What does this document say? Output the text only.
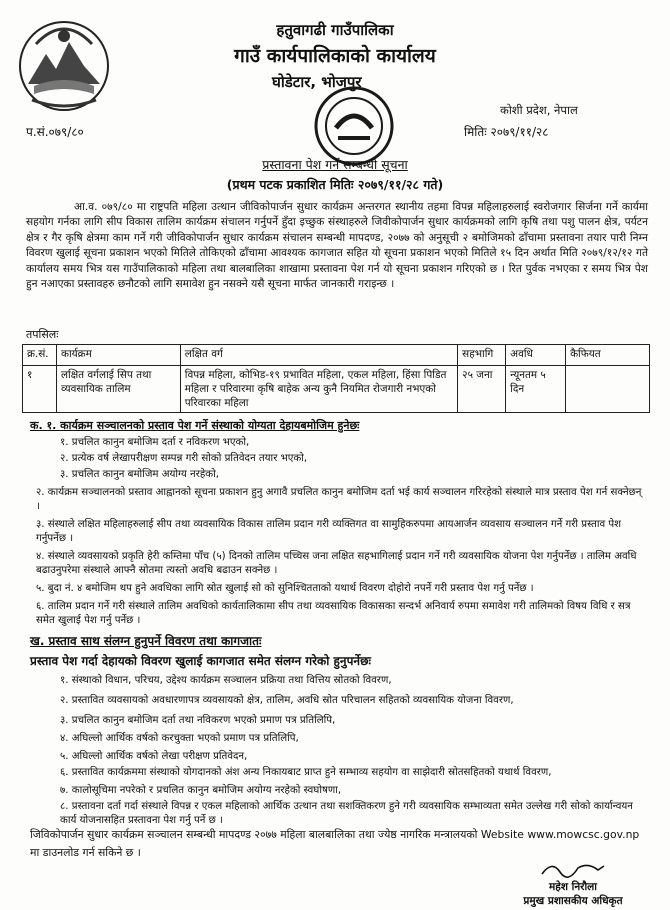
हतुवागढी गाउँपालिका
गाउँ कार्यपालिकाको कार्यालय
घोडेटार, भोजपुर
कोशी प्रदेश, नेपाल
मितिः २०७९/११/२८
प.सं.०७९/८०
प्रस्तावना पेश गर्ने सम्बन्धी सूचना
(प्रथम पटक प्रकाशित मितिः २०७९/११/२८ गते)
आ.व. ०७९/८० मा राष्ट्रपति महिला उत्थान जीविकोपार्जन सुधार कार्यक्रम अन्तरगत स्थानीय तहमा विपन्न महिलाहरुलाई स्वरोजगार सिर्जना गर्ने कार्यमा सहयोग गर्नका लागि सीप विकास तालिम कार्यक्रम संचालन गर्नुपर्ने हुँदा इच्छुक संस्थाहरुले जिवीकोपार्जन सुधार कार्यक्रमको लागि कृषि तथा पशु पालन क्षेत्र, पर्यटन क्षेत्र र गैर कृषि क्षेत्रमा काम गर्ने गरी जीविकोपार्जन सुधार कार्यक्रम संचालन सम्बन्धी मापदण्ड, २०७७ को अनुसूची २ बमोजिमको ढाँचामा प्रस्तावना तयार पारी निम्न विवरण खुलाई सूचना प्रकाशन भएको मितिले तोकिएको ढाँचामा आवश्यक कागजात सहित यो सूचना प्रकाशन भएको मितिले १५ दिन अर्थात मिति २०७९/१२/१२ गते कार्यालय समय भित्र यस गाउँपालिकाको महिला तथा बालबालिका शाखामा प्रस्तावना पेश गर्न यो सूचना प्रकाशन गरिएको छ । रित पुर्वक नभएका र समय भित्र पेश हुन नआएका प्रस्तावहरु छनौटको लागि समावेश हुन नसक्ने यसै सूचना मार्फत जानकारी गराइन्छ ।
तपसिलः
क्र.सं.	कार्यक्रम	लक्षित वर्ग	सहभागि	अवधि	कैफियत
१	लक्षित वर्गलाई सिप तथा व्यवसायिक तालिम	विपन्न महिला, कोभिड-१९ प्रभावित महिला, एकल महिला, हिंसा पिडित महिला र परिवारमा कृषि बाहेक अन्य कुनै नियमित रोजगारी नभएको परिवारका महिला	२५ जना	न्यूनतम ५ दिन	
क. १. कार्यक्रम सञ्चालनको प्रस्ताव पेश गर्ने संस्थाको योग्यता देहायबमोजिम हुनेछः
१. प्रचलित कानुन बमोजिम दर्ता र नविकरण भएको,
२. प्रत्येक वर्ष लेखापरीक्षण सम्पन्न गरी सोको प्रतिवेदन तयार भएको,
३. प्रचलित कानुन बमोजिम अयोग्य नरहेको,
२. कार्यक्रम सञ्चालनको प्रस्ताव आह्वानको सूचना प्रकाशन हुनु अगावै प्रचलित कानुन बमोजिम दर्ता भई कार्य सञ्चालन गरिरहेको संस्थाले मात्र प्रस्ताव पेश गर्न सक्नेछन् ।
३. संस्थाले लक्षित महिलाहरुलाई सीप तथा व्यवसायिक विकास तालिम प्रदान गरी व्यक्तिगत वा सामुहिकरुपमा आयआर्जन व्यवसाय सञ्चालन गर्ने गरी प्रस्ताव पेश गर्नुपर्नेछ ।
४. संस्थाले व्यवसायको प्रकृति हेरी कम्तिमा पाँच (५) दिनको तालिम पच्चिस जना लक्षित सहभागिलाई प्रदान गर्ने गरी व्यवसायिक योजना पेश गर्नुपर्नेछ । तालिम अवधि बढाउनुपरेमा संस्थाले आफ्नै स्रोतमा त्यस्तो अवधि बढाउन सक्नेछ ।
५. बुदा नं. ४ बमोजिम थप हुने अवधिका लागि स्रोत खुलाई सो को सुनिश्चितताको यथार्थ विवरण दोहोरो नपर्ने गरी प्रस्ताव पेश गर्नु पर्नेछ ।
६. तालिम प्रदान गर्ने गरी संस्थाले तालिम अवधिको कार्यतालिकामा सीप तथा व्यवसायिक विकासका सन्दर्भ अनिवार्य रुपमा समावेश गरी तालिमको विषय विधि र सत्र समेत खुलाई पेश गर्नु पर्नेछ ।
ख. प्रस्ताव साथ संलग्न हुनुपर्ने विवरण तथा कागजातः
प्रस्ताव पेश गर्दा देहायको विवरण खुलाई कागजात समेत संलग्न गरेको हुनुपर्नेछः
१. संस्थाको विधान, परिचय, उद्देश्य कार्यक्रम सञ्चालन प्रक्रिया तथा वित्तिय स्रोतको विवरण,
२. प्रस्तावित व्यवसायको अवधारणापत्र व्यवसायको क्षेत्र, तालिम, अवधि स्रोत परिचालन सहितको व्यवसायिक योजना विवरण,
३. प्रचलित कानुन बमोजिम दर्ता तथा नविकरण भएको प्रमाण पत्र प्रतिलिपि,
४. अघिल्लो आर्थिक वर्षको करचुक्ता भएको प्रमाण पत्र प्रतिलिपि,
५. अघिल्लो आर्थिक वर्षको लेखा परीक्षण प्रतिवेदन,
६. प्रस्तावित कार्यक्रममा संस्थाको योगदानको अंश अन्य निकायबाट प्राप्त हुने सम्भाव्य सहयोग वा साझेदारी स्रोतसहितको यथार्थ विवरण,
७. कालोसूचिमा नपरेको र प्रचलित कानुन बमोजिम अयोग्य नरहेको स्वघोषणा,
८. प्रस्तावना दर्ता गर्दा संस्थाले विपन्न र एकल महिलाको आर्थिक उत्थान तथा सशक्तिकरण हुने गरी व्यवसायिक सम्भाव्यता समेत उल्लेख गरी सोको कार्यान्वयन कार्य योजनासहित प्रस्तावना पेश गर्नु पर्ने छ ।
जिविकोपार्जन सुधार कार्यक्रम सञ्चालन सम्बन्धी मापदण्ड २०७७ महिला बालबालिका तथा ज्येष्ठ नागरिक मन्त्रालयको Website www.mowcsc.gov.np मा डाउनलोड गर्न सकिने छ ।
महेश निरौला
प्रमुख प्रशासकीय अधिकृत
